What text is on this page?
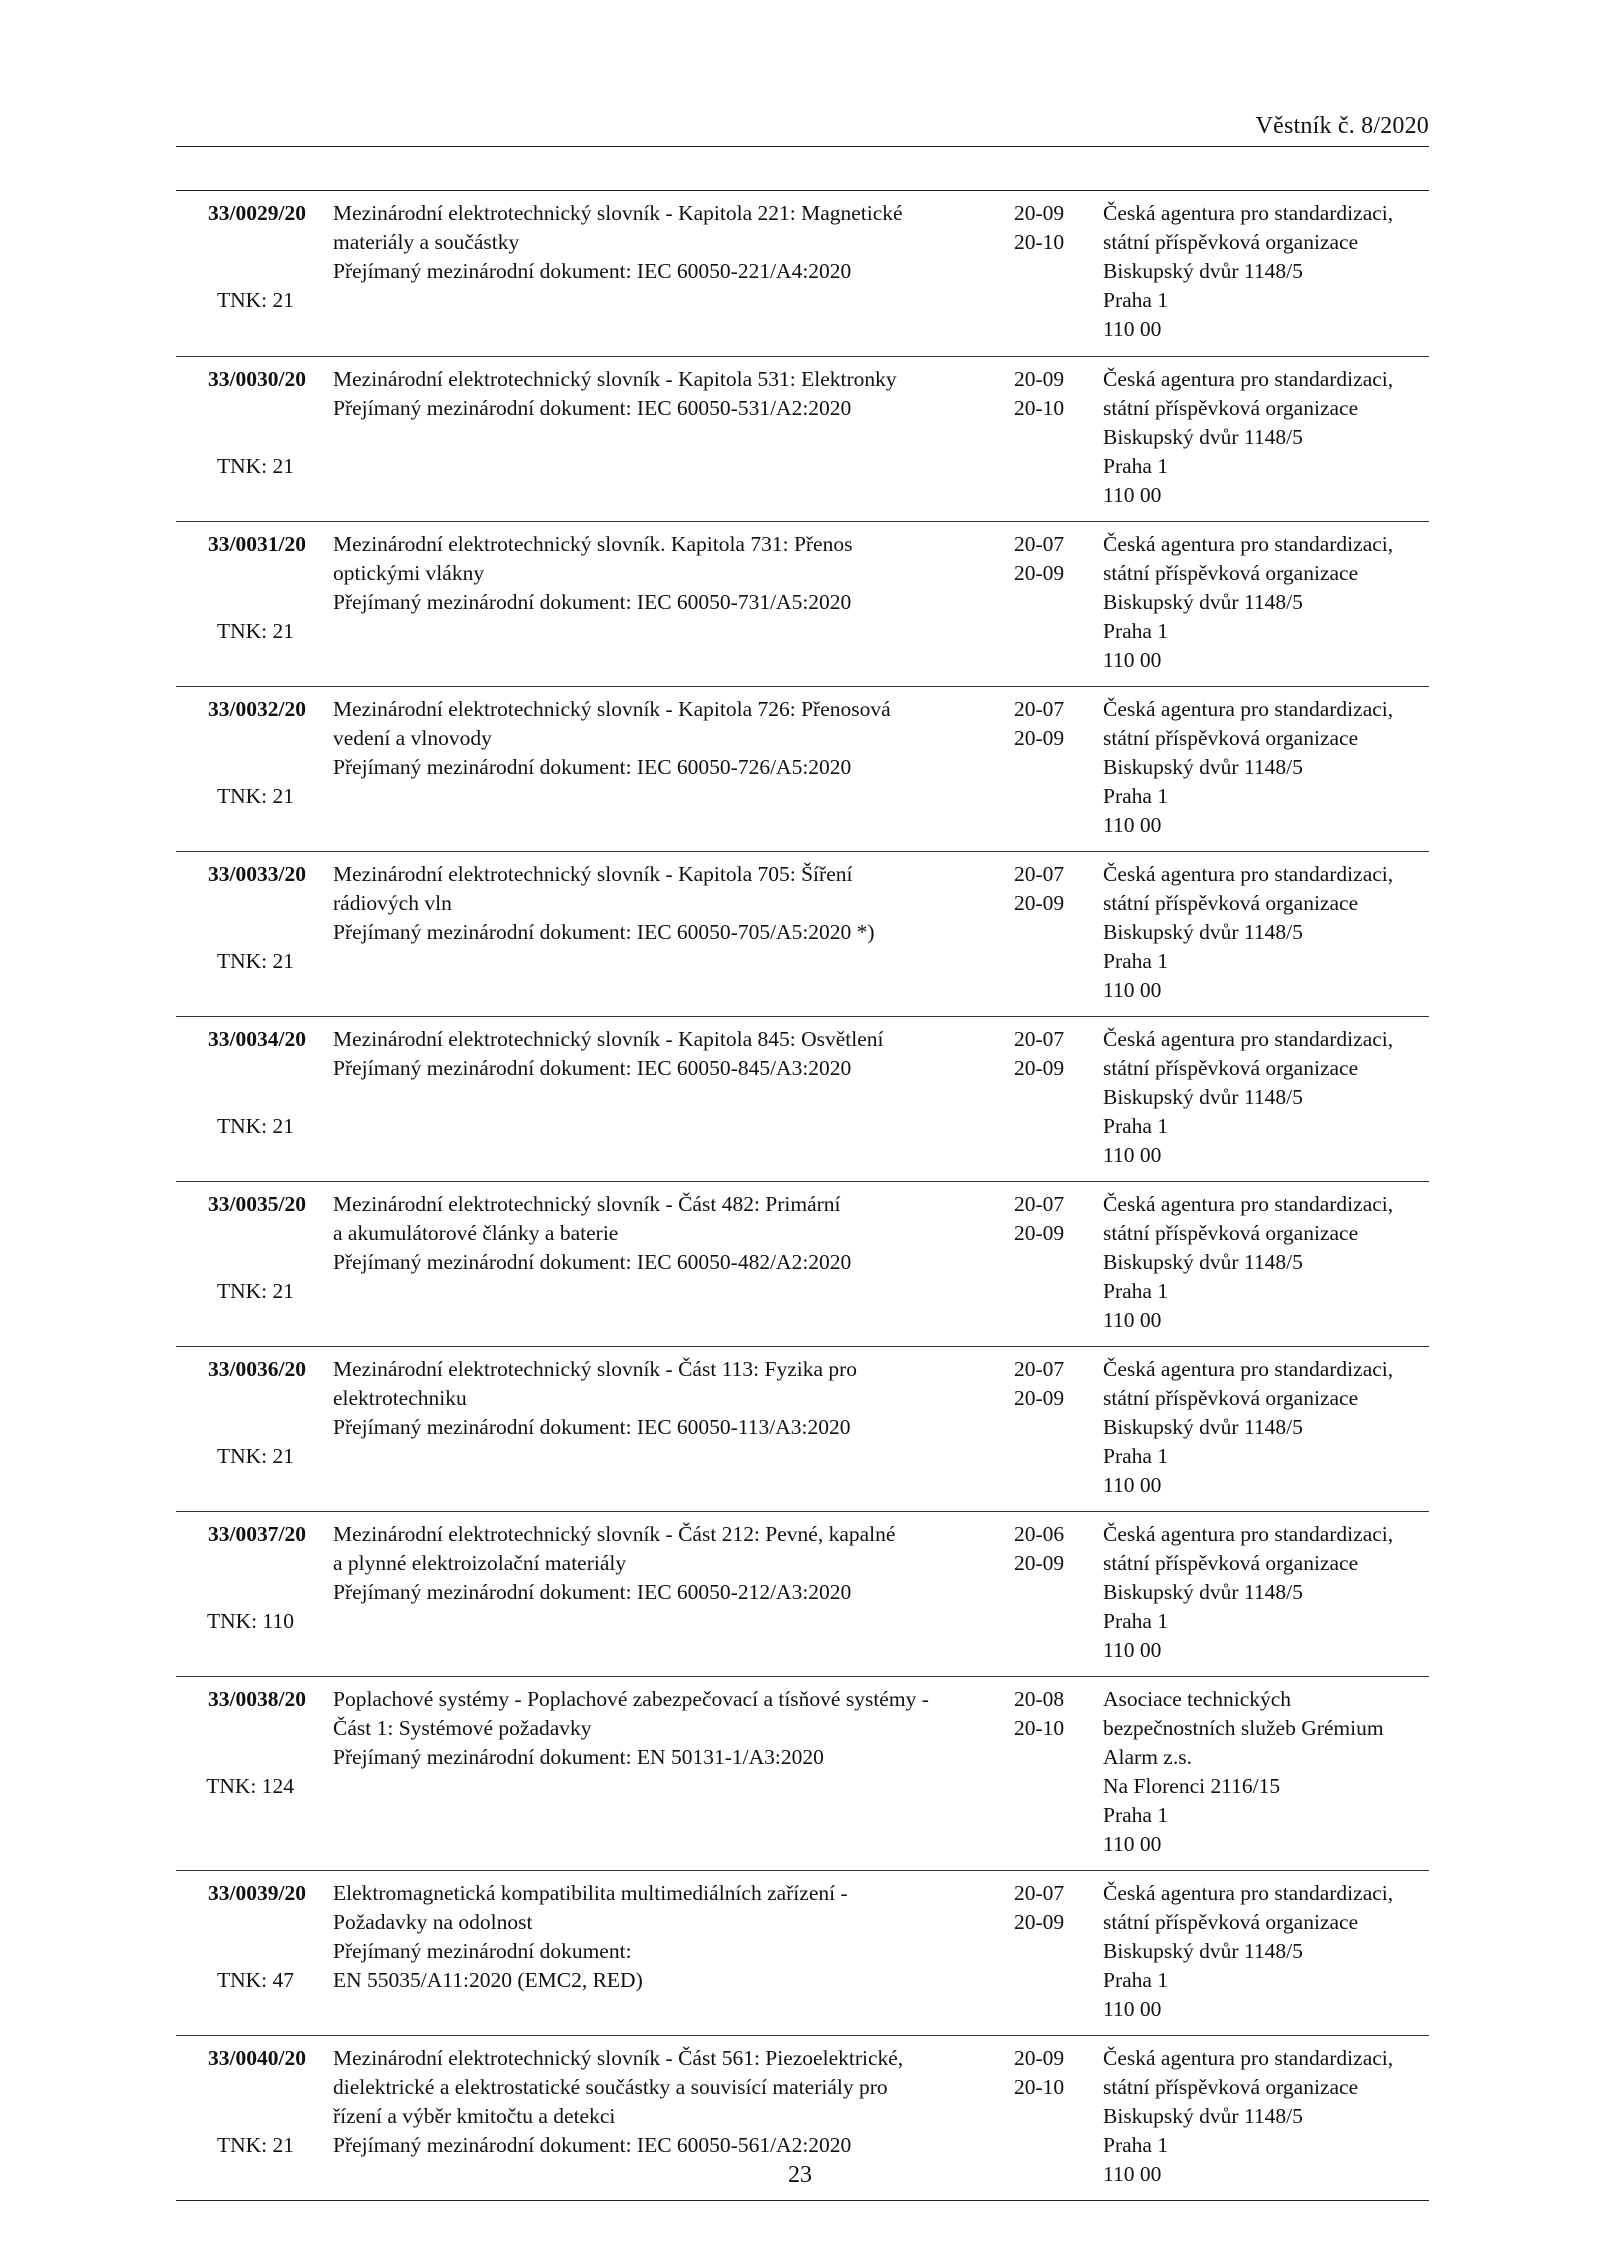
Věstník č. 8/2020
33/0029/20
TNK: 21
Mezinárodní elektrotechnický slovník - Kapitola 221: Magnetické
materiály a součástky
Přejímaný mezinárodní dokument: IEC 60050-221/A4:2020
20-09
20-10
Česká agentura pro standardizaci,
státní příspěvková organizace
Biskupský dvůr 1148/5
Praha 1
110 00
33/0030/20
TNK: 21
Mezinárodní elektrotechnický slovník - Kapitola 531: Elektronky
Přejímaný mezinárodní dokument: IEC 60050-531/A2:2020
20-09
20-10
Česká agentura pro standardizaci,
státní příspěvková organizace
Biskupský dvůr 1148/5
Praha 1
110 00
33/0031/20
TNK: 21
Mezinárodní elektrotechnický slovník. Kapitola 731: Přenos
optickými vlákny
Přejímaný mezinárodní dokument: IEC 60050-731/A5:2020
20-07
20-09
Česká agentura pro standardizaci,
státní příspěvková organizace
Biskupský dvůr 1148/5
Praha 1
110 00
33/0032/20
TNK: 21
Mezinárodní elektrotechnický slovník - Kapitola 726: Přenosová
vedení a vlnovody
Přejímaný mezinárodní dokument: IEC 60050-726/A5:2020
20-07
20-09
Česká agentura pro standardizaci,
státní příspěvková organizace
Biskupský dvůr 1148/5
Praha 1
110 00
33/0033/20
TNK: 21
Mezinárodní elektrotechnický slovník - Kapitola 705: Šíření
rádiových vln
Přejímaný mezinárodní dokument: IEC 60050-705/A5:2020 *)
20-07
20-09
Česká agentura pro standardizaci,
státní příspěvková organizace
Biskupský dvůr 1148/5
Praha 1
110 00
33/0034/20
TNK: 21
Mezinárodní elektrotechnický slovník - Kapitola 845: Osvětlení
Přejímaný mezinárodní dokument: IEC 60050-845/A3:2020
20-07
20-09
Česká agentura pro standardizaci,
státní příspěvková organizace
Biskupský dvůr 1148/5
Praha 1
110 00
33/0035/20
TNK: 21
Mezinárodní elektrotechnický slovník - Část 482: Primární
a akumulátorové články a baterie
Přejímaný mezinárodní dokument: IEC 60050-482/A2:2020
20-07
20-09
Česká agentura pro standardizaci,
státní příspěvková organizace
Biskupský dvůr 1148/5
Praha 1
110 00
33/0036/20
TNK: 21
Mezinárodní elektrotechnický slovník - Část 113: Fyzika pro
elektrotechniku
Přejímaný mezinárodní dokument: IEC 60050-113/A3:2020
20-07
20-09
Česká agentura pro standardizaci,
státní příspěvková organizace
Biskupský dvůr 1148/5
Praha 1
110 00
33/0037/20
TNK: 110
Mezinárodní elektrotechnický slovník - Část 212: Pevné, kapalné
a plynné elektroizolační materiály
Přejímaný mezinárodní dokument: IEC 60050-212/A3:2020
20-06
20-09
Česká agentura pro standardizaci,
státní příspěvková organizace
Biskupský dvůr 1148/5
Praha 1
110 00
33/0038/20
TNK: 124
Poplachové systémy - Poplachové zabezpečovací a tísňové systémy -
Část 1: Systémové požadavky
Přejímaný mezinárodní dokument: EN 50131-1/A3:2020
20-08
20-10
Asociace technických
bezpečnostních služeb Grémium
Alarm z.s.
Na Florenci 2116/15
Praha 1
110 00
33/0039/20
TNK: 47
Elektromagnetická kompatibilita multimediálních zařízení -
Požadavky na odolnost
Přejímaný mezinárodní dokument:
EN 55035/A11:2020 (EMC2, RED)
20-07
20-09
Česká agentura pro standardizaci,
státní příspěvková organizace
Biskupský dvůr 1148/5
Praha 1
110 00
33/0040/20
TNK: 21
Mezinárodní elektrotechnický slovník - Část 561: Piezoelektrické,
dielektrické a elektrostatické součástky a souvisící materiály pro
řízení a výběr kmitočtu a detekci
Přejímaný mezinárodní dokument: IEC 60050-561/A2:2020
20-09
20-10
Česká agentura pro standardizaci,
státní příspěvková organizace
Biskupský dvůr 1148/5
Praha 1
110 00
23
